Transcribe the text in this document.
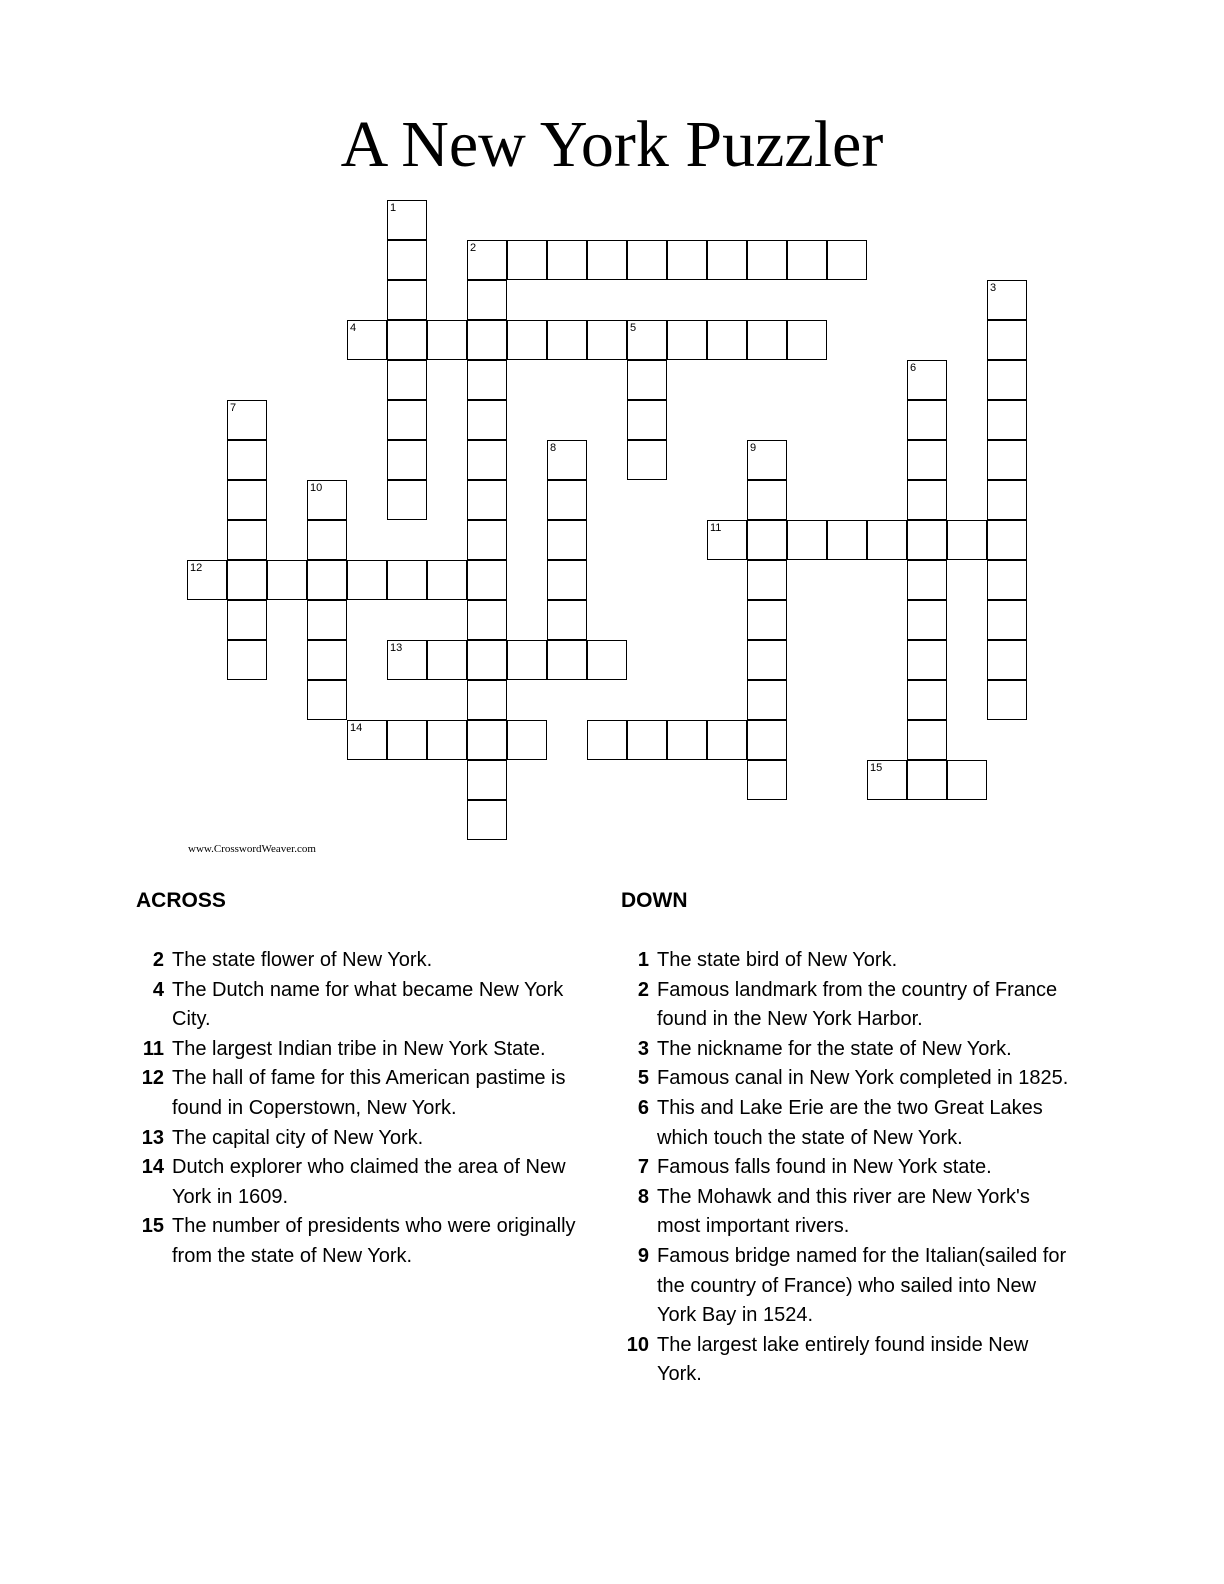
A New York Puzzler
1
2
3
4	5
6
7
8	9
10
11
12
13
14
15
www.CrosswordWeaver.com
ACROSS
2 The state flower of New York.
4 The Dutch name for what became New York City.
11 The largest Indian tribe in New York State.
12 The hall of fame for this American pastime is found in Coperstown, New York.
13 The capital city of New York.
14 Dutch explorer who claimed the area of New York in 1609.
15 The number of presidents who were originally from the state of New York.
DOWN
1 The state bird of New York.
2 Famous landmark from the country of France found in the New York Harbor.
3 The nickname for the state of New York.
5 Famous canal in New York completed in 1825.
6 This and Lake Erie are the two Great Lakes which touch the state of New York.
7 Famous falls found in New York state.
8 The Mohawk and this river are New York's most important rivers.
9 Famous bridge named for the Italian(sailed for the country of France) who sailed into New York Bay in 1524.
10 The largest lake entirely found inside New York.
